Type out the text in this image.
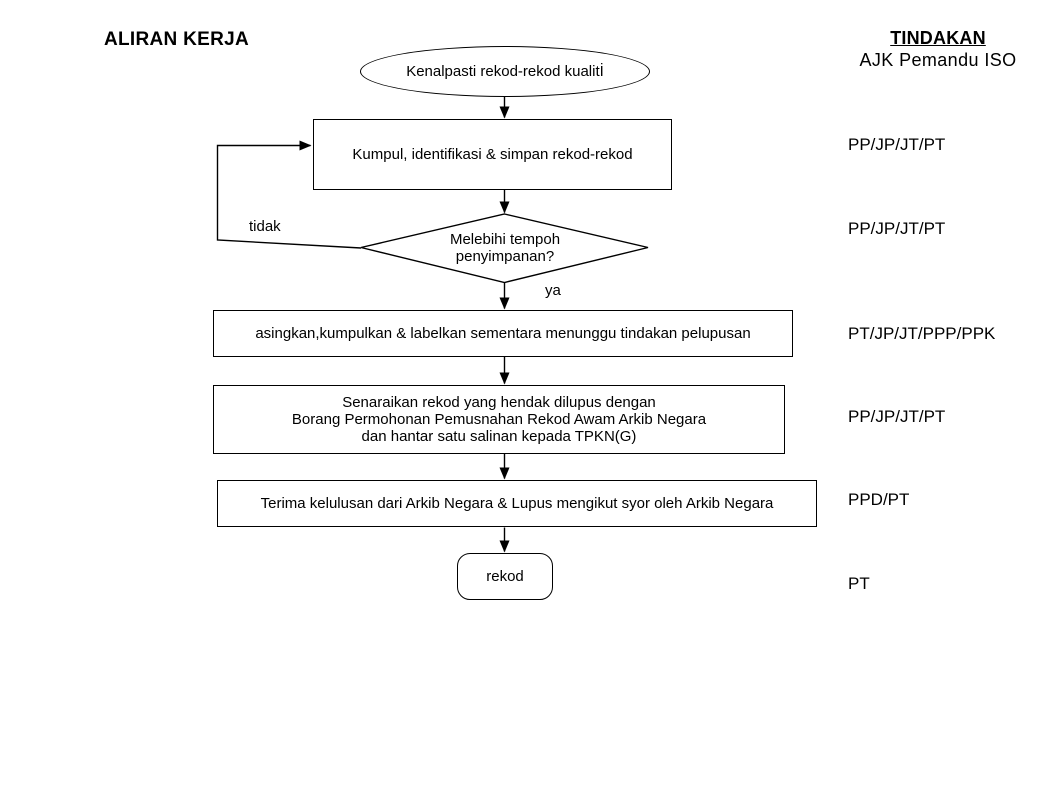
ALIRAN KERJA	TINDAKAN
AJK Pemandu ISO
Kenalpasti rekod-rekod kualitİ
Kumpul, identifikasi & simpan rekod-rekod
Melebihi tempoh
penyimpanan?
tidak
ya
asingkan,kumpulkan & labelkan sementara menunggu tindakan pelupusan
Senaraikan rekod yang hendak dilupus dengan
Borang Permohonan Pemusnahan Rekod Awam Arkib Negara
dan hantar satu salinan kepada TPKN(G)
Terima kelulusan dari Arkib Negara & Lupus mengikut syor oleh Arkib Negara
rekod
PP/JP/JT/PT
PP/JP/JT/PT
PT/JP/JT/PPP/PPK
PP/JP/JT/PT
PPD/PT
PT
